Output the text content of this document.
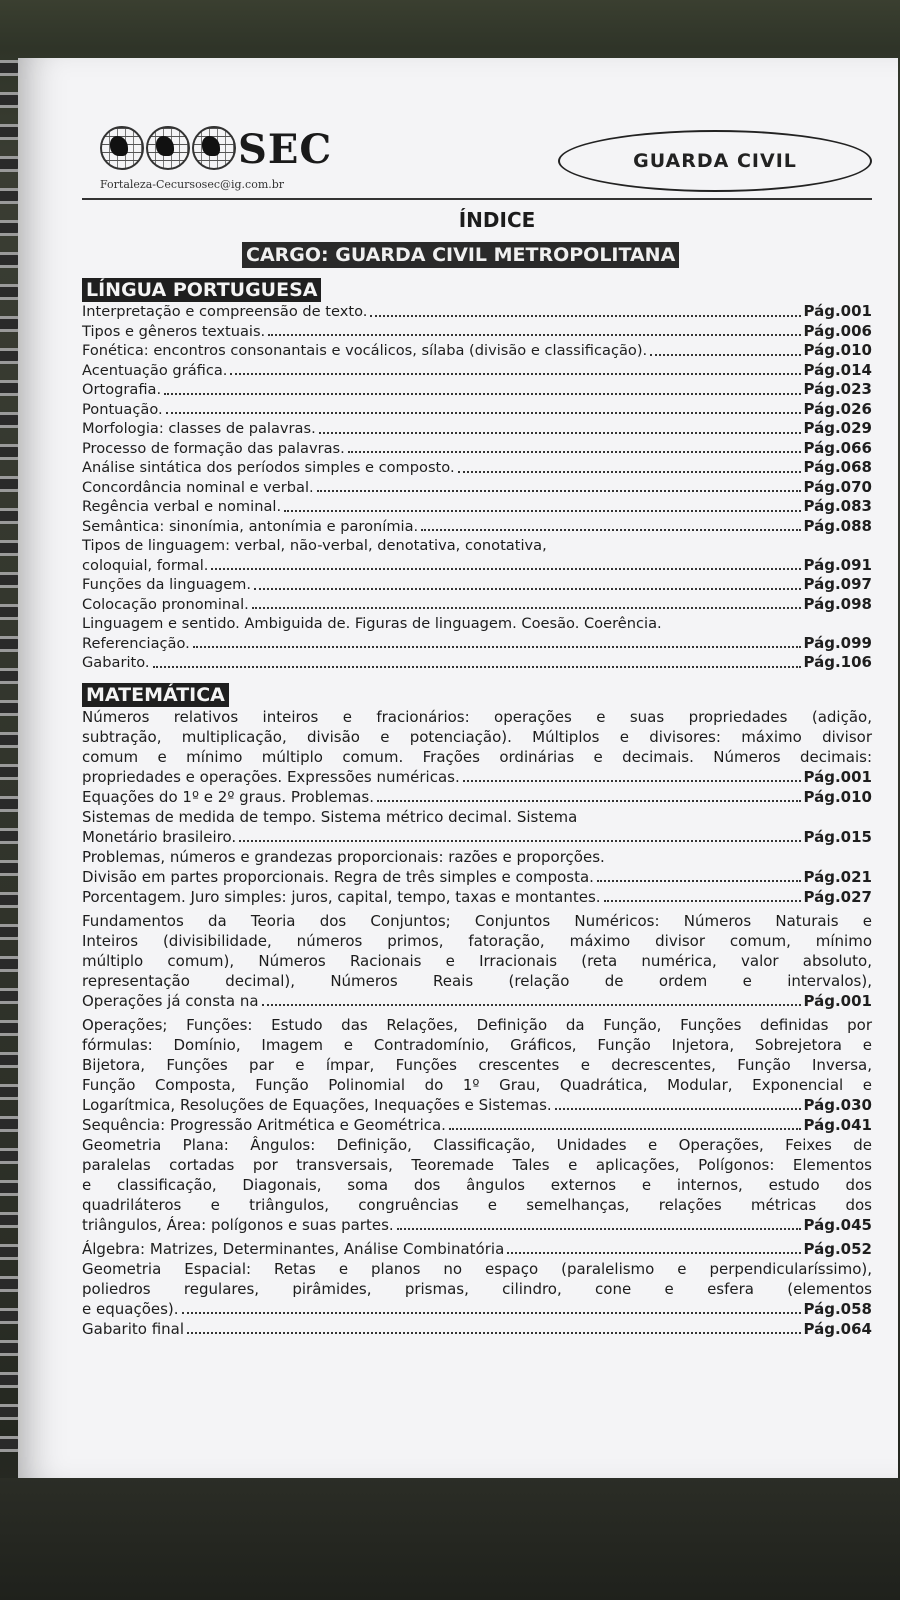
SEC
Fortaleza-Cecursosec@ig.com.br
GUARDA CIVIL
ÍNDICE
CARGO: GUARDA CIVIL METROPOLITANA
LÍNGUA PORTUGUESA
Interpretação e compreensão de texto.	Pág.001
Tipos e gêneros textuais.	Pág.006
Fonética: encontros consonantais e vocálicos, sílaba (divisão e classificação).	Pág.010
Acentuação gráfica.	Pág.014
Ortografia.	Pág.023
Pontuação.	Pág.026
Morfologia: classes de palavras.	Pág.029
Processo de formação das palavras.	Pág.066
Análise sintática dos períodos simples e composto.	Pág.068
Concordância nominal e verbal.	Pág.070
Regência verbal e nominal.	Pág.083
Semântica: sinonímia, antonímia e paronímia.	Pág.088
Tipos de linguagem: verbal, não-verbal, denotativa, conotativa,
coloquial, formal.	Pág.091
Funções da linguagem.	Pág.097
Colocação pronominal.	Pág.098
Linguagem e sentido. Ambiguida de. Figuras de linguagem. Coesão. Coerência.
Referenciação.	Pág.099
Gabarito.	Pág.106
MATEMÁTICA
Números relativos inteiros e fracionários: operações e suas propriedades (adição,
subtração, multiplicação, divisão e potenciação). Múltiplos e divisores: máximo divisor
comum e mínimo múltiplo comum. Frações ordinárias e decimais. Números decimais:
propriedades e operações. Expressões numéricas.	Pág.001
Equações do 1º e 2º graus. Problemas.	Pág.010
Sistemas de medida de tempo. Sistema métrico decimal. Sistema
Monetário brasileiro.	Pág.015
Problemas, números e grandezas proporcionais: razões e proporções.
Divisão em partes proporcionais. Regra de três simples e composta.	Pág.021
Porcentagem. Juro simples: juros, capital, tempo, taxas e montantes.	Pág.027
Fundamentos da Teoria dos Conjuntos; Conjuntos Numéricos: Números Naturais e
Inteiros (divisibilidade, números primos, fatoração, máximo divisor comum, mínimo
múltiplo comum), Números Racionais e Irracionais (reta numérica, valor absoluto,
representação decimal), Números Reais (relação de ordem e intervalos),
Operações já consta na	Pág.001
Operações; Funções: Estudo das Relações, Definição da Função, Funções definidas por
fórmulas: Domínio, Imagem e Contradomínio, Gráficos, Função Injetora, Sobrejetora e
Bijetora, Funções par e ímpar, Funções crescentes e decrescentes, Função Inversa,
Função Composta, Função Polinomial do 1º Grau, Quadrática, Modular, Exponencial e
Logarítmica, Resoluções de Equações, Inequações e Sistemas.	Pág.030
Sequência: Progressão Aritmética e Geométrica.	Pág.041
Geometria Plana: Ângulos: Definição, Classificação, Unidades e Operações, Feixes de
paralelas cortadas por transversais, Teoremade Tales e aplicações, Polígonos: Elementos
e classificação, Diagonais, soma dos ângulos externos e internos, estudo dos
quadriláteros e triângulos, congruências e semelhanças, relações métricas dos
triângulos, Área: polígonos e suas partes.	Pág.045
Álgebra: Matrizes, Determinantes, Análise Combinatória	Pág.052
Geometria Espacial: Retas e planos no espaço (paralelismo e perpendicularíssimo),
poliedros regulares, pirâmides, prismas, cilindro, cone e esfera (elementos
e equações).	Pág.058
Gabarito final	Pág.064
